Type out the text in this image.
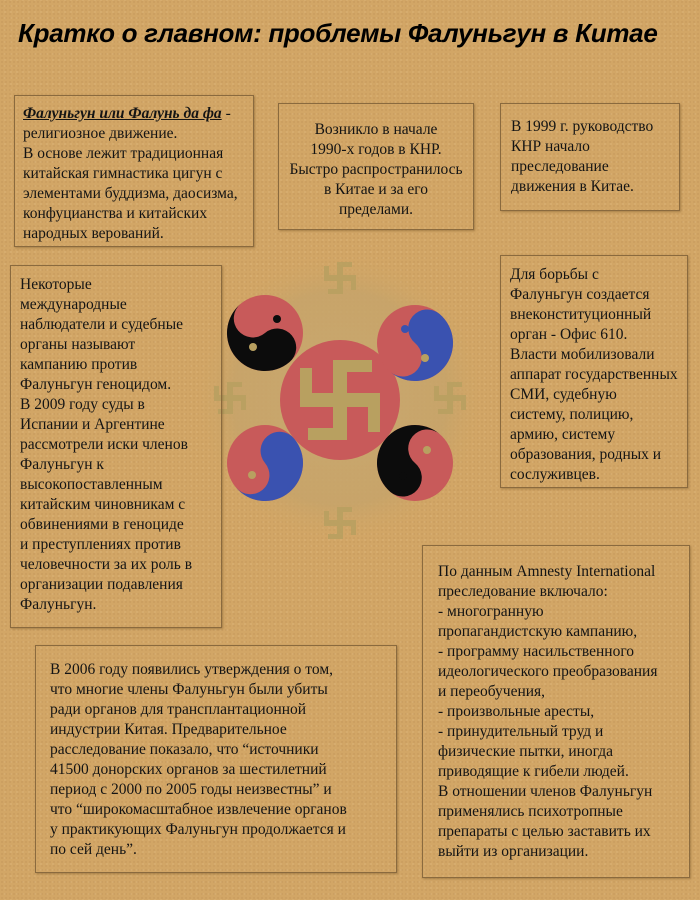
Кратко о главном: проблемы Фалуньгун в Китае

Фалуньгун или Фалунь да фа -

религиозное движение.

В основе лежит традиционная

китайская гимнастика цигун с

элементами буддизма, даосизма,

конфуцианства и китайских

народных верований.

Возникло в начале

1990-х годов в КНР.

Быстро распространилось

в Китае и за его

пределами.

В 1999 г. руководство

КНР начало

преследование

движения в Китае.

Некоторые

международные

наблюдатели и судебные

органы называют

кампанию против

Фалуньгун геноцидом.

В 2009 году суды в

Испании и Аргентине

рассмотрели иски членов

Фалуньгун к

высокопоставленным

китайским чиновникам с

обвинениями в геноциде

и преступлениях против

человечности за их роль в

организации подавления

Фалуньгун.

Для борьбы с

Фалуньгун создается

внеконституционный

орган - Офис 610.

Власти мобилизовали

аппарат государственных

СМИ, судебную

систему, полицию,

армию, систему

образования, родных и

сослуживцев.

В 2006 году появились утверждения о том,

что многие члены Фалуньгун были убиты

ради органов для трансплантационной

индустрии Китая. Предварительное

расследование показало, что “источники

41500 донорских органов за шестилетний

период с 2000 по 2005 годы неизвестны” и

что “широкомасштабное извлечение органов

у практикующих Фалуньгун продолжается и

по сей день”.

По данным Amnesty International

преследование включало:

- многогранную

пропагандистскую кампанию,

- программу насильственного

идеологического преобразования

и переобучения,

- произвольные аресты,

- принудительный труд и

физические пытки, иногда

приводящие к гибели людей.

В отношении членов Фалуньгун

применялись психотропные

препараты с целью заставить их

выйти из организации.
